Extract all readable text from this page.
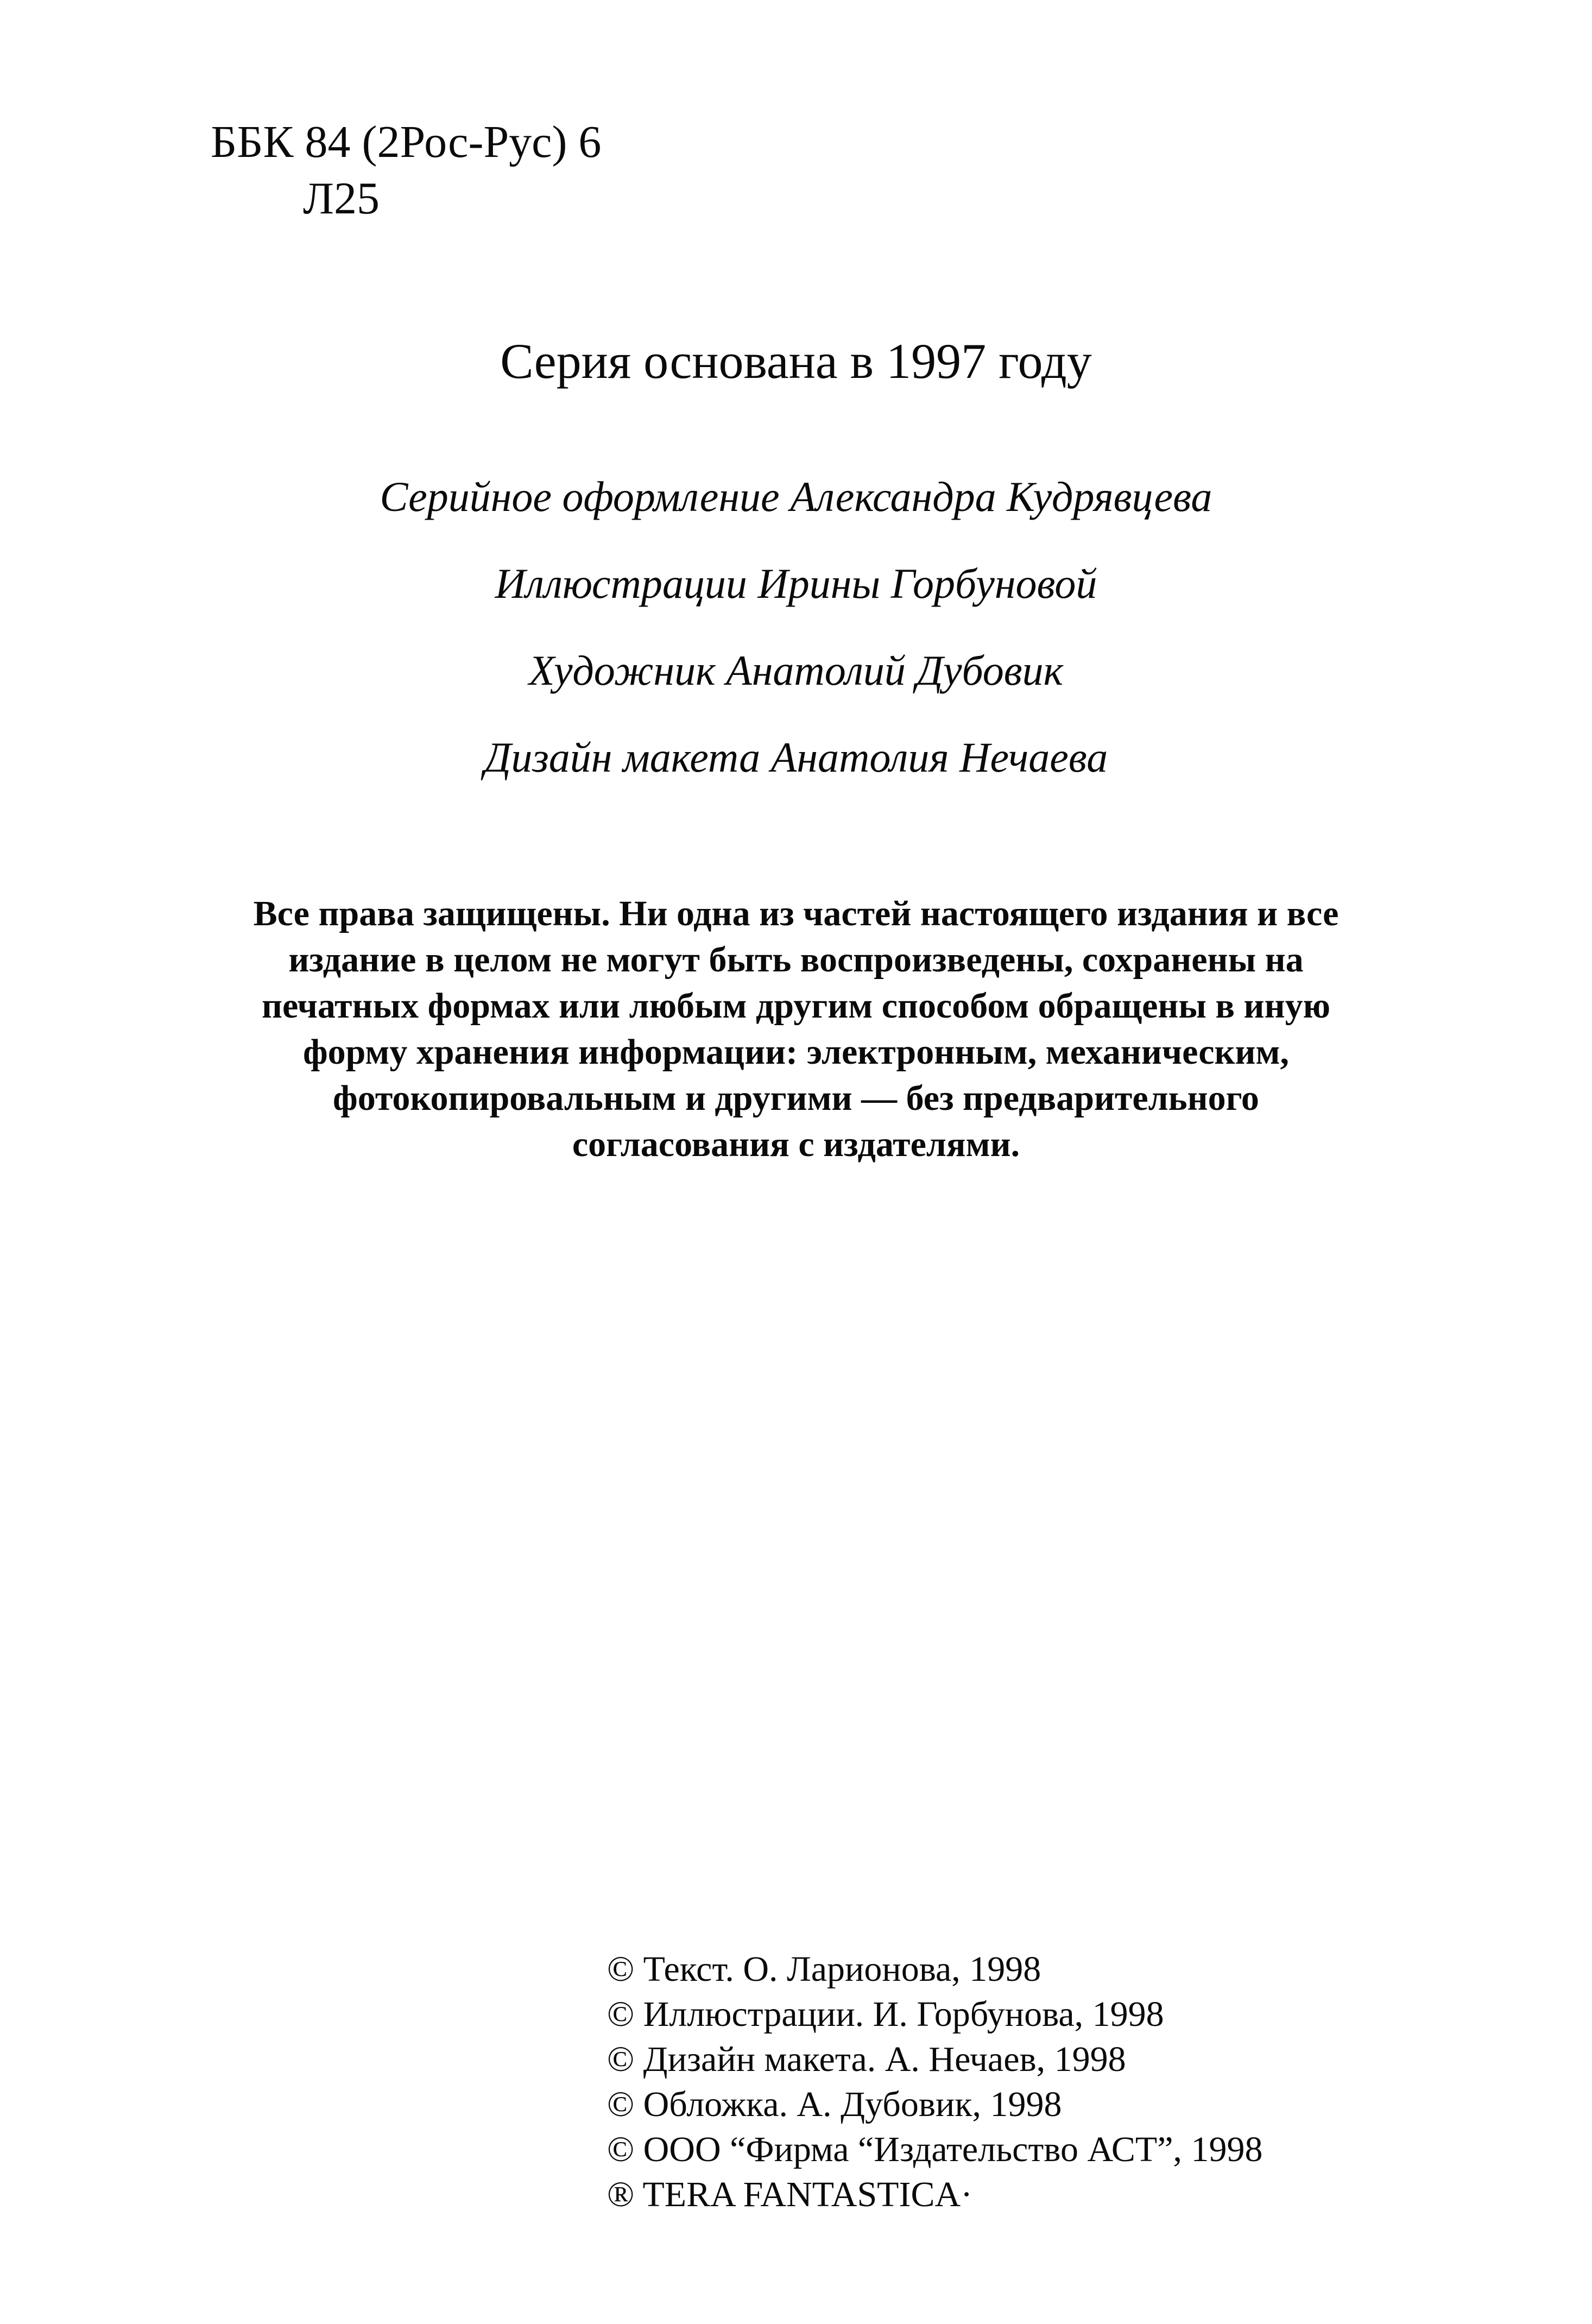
ББК 84 (2Рос-Рус) 6
Л25
Серия основана в 1997 году
Серийное оформление Александра Кудрявцева
Иллюстрации Ирины Горбуновой
Художник Анатолий Дубовик
Дизайн макета Анатолия Нечаева
Все права защищены. Ни одна из частей настоящего издания и все
издание в целом не могут быть воспроизведены, сохранены на
печатных формах или любым другим способом обращены в иную
форму хранения информации: электронным, механическим,
фотокопировальным и другими — без предварительного
согласования с издателями.
© Текст. О. Ларионова, 1998
© Иллюстрации. И. Горбунова, 1998
© Дизайн макета. А. Нечаев, 1998
© Обложка. А. Дубовик, 1998
© ООО “Фирма “Издательство АСТ”, 1998
® TERA FANTASTICA·
